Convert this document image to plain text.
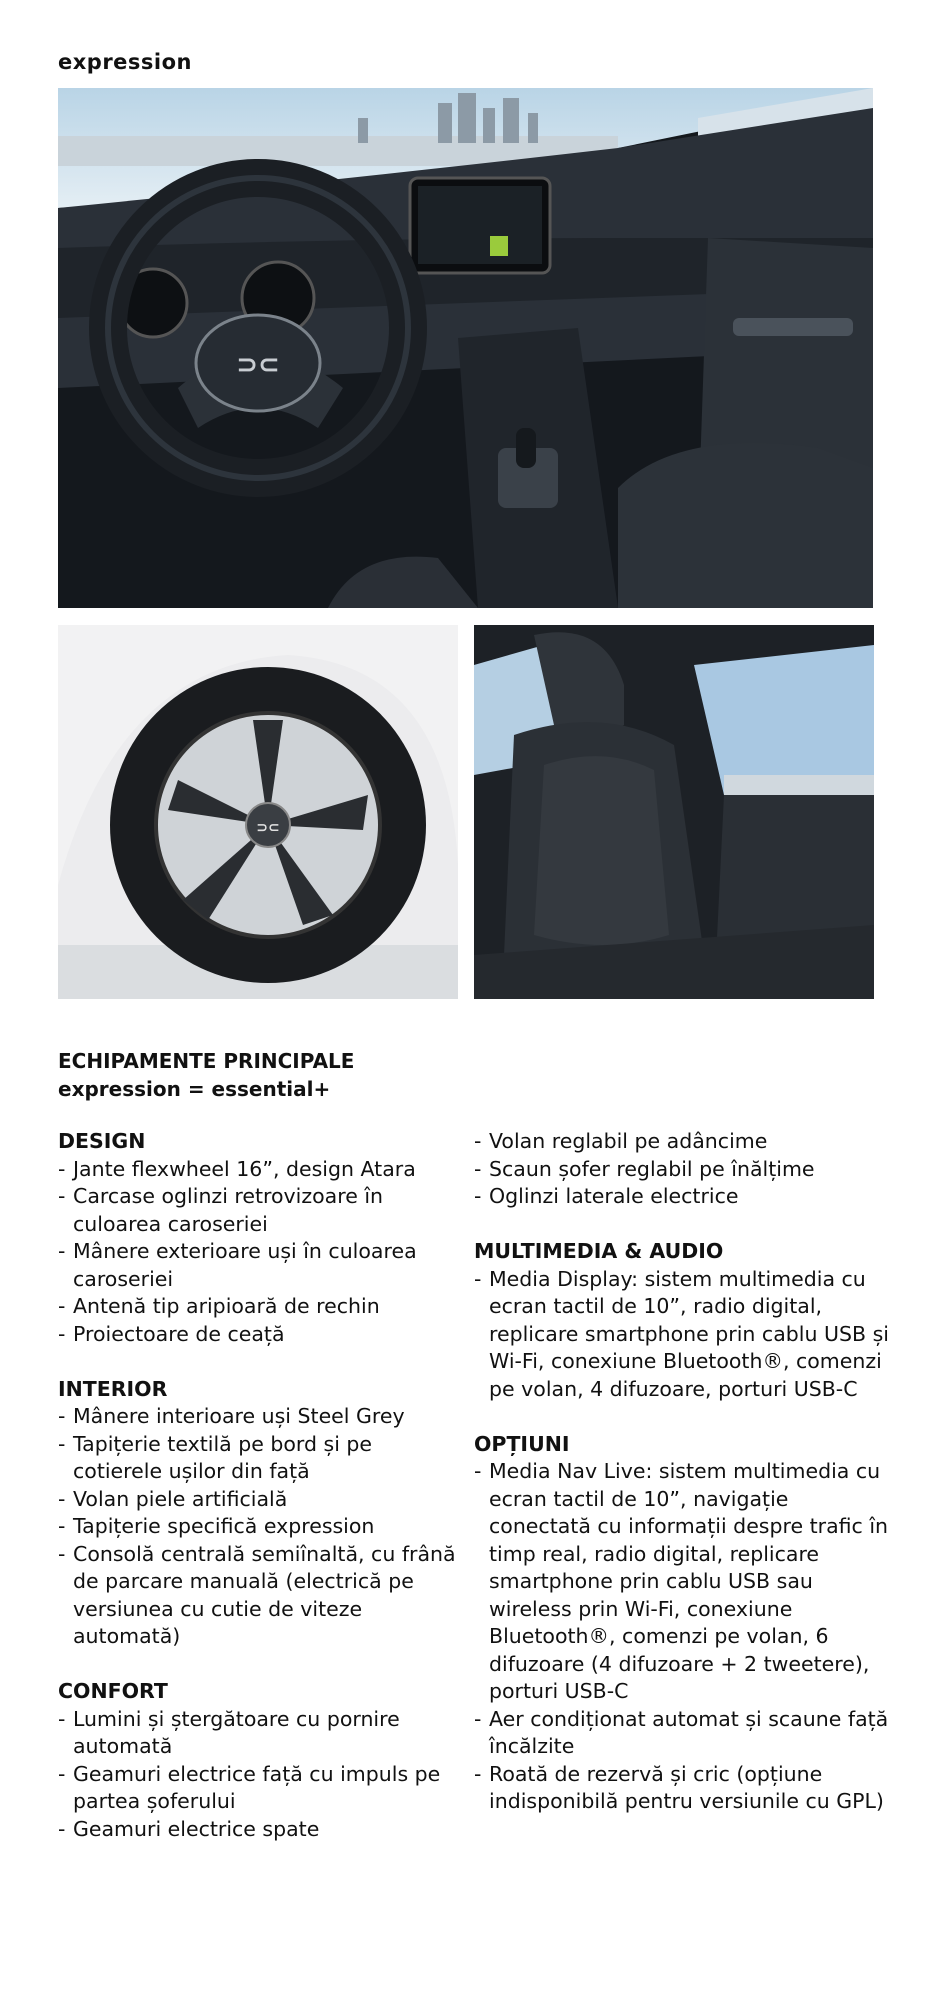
expression
⊃⊂
⊃⊂
ECHIPAMENTE PRINCIPALE
expression = essential+
DESIGN
- Jante flexwheel 16”, design Atara
- Carcase oglinzi retrovizoare în culoarea caroseriei
- Mânere exterioare uși în culoarea caroseriei
- Antenă tip aripioară de rechin
- Proiectoare de ceață
INTERIOR
- Mânere interioare uși Steel Grey
- Tapițerie textilă pe bord și pe cotierele ușilor din față
- Volan piele artificială
- Tapițerie specifică expression
- Consolă centrală semiînaltă, cu frână de parcare manuală (electrică pe versiunea cu cutie de viteze automată)
CONFORT
- Lumini și ștergătoare cu pornire automată
- Geamuri electrice față cu impuls pe partea șoferului
- Geamuri electrice spate
- Volan reglabil pe adâncime
- Scaun șofer reglabil pe înălțime
- Oglinzi laterale electrice
MULTIMEDIA & AUDIO
- Media Display: sistem multimedia cu ecran tactil de 10”, radio digital, replicare smartphone prin cablu USB și Wi-Fi, conexiune Bluetooth®, comenzi pe volan, 4 difuzoare, porturi USB-C
OPȚIUNI
- Media Nav Live: sistem multimedia cu ecran tactil de 10”, navigație conectată cu informații despre trafic în timp real, radio digital, replicare smartphone prin cablu USB sau wireless prin Wi-Fi, conexiune Bluetooth®, comenzi pe volan, 6 difuzoare (4 difuzoare + 2 tweetere), porturi USB-C
- Aer condiționat automat și scaune față încălzite
- Roată de rezervă și cric (opțiune indisponibilă pentru versiunile cu GPL)
